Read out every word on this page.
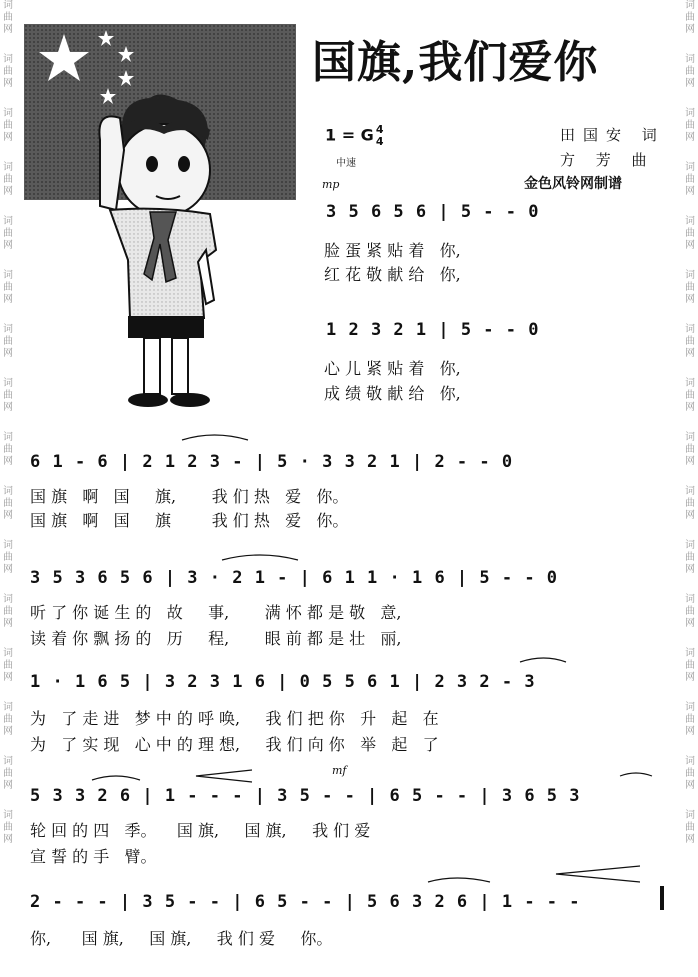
词
曲
网
词
曲
网
词
曲
网
词
曲
网
词
曲
网
词
曲
网
词
曲
网
词
曲
网
词
曲
网
词
曲
网
词
曲
网
词
曲
网
词
曲
网
词
曲
网
词
曲
网
词
曲
网
词
曲
网
词
曲
网
词
曲
网
词
曲
网
词
曲
网
词
曲
网
词
曲
网
词
曲
网
词
曲
网
词
曲
网
词
曲
网
词
曲
网
词
曲
网
词
曲
网
词
曲
网
词
曲
网
国旗,我们爱你
1 = G 4
4
中速
mp
田国安 词
方 芳 曲
金色风铃网制谱
3 5 6 5 6 | 5 - - 0
脸 蛋 紧 贴 着   你,
红 花 敬 献 给   你,
1 2 3 2 1 | 5 - - 0
心 儿 紧 贴 着   你,
成 绩 敬 献 给   你,
6 1 - 6 | 2 1 2 3 - | 5 · 3 3 2 1 | 2 - - 0
国 旗   啊   国     旗,       我 们 热   爱   你。
国 旗   啊   国     旗        我 们 热   爱   你。
3 5 3 6 5 6 | 3 · 2 1 - | 6 1 1 · 1 6 | 5 - - 0
听 了 你 诞 生 的   故     事,       满 怀 都 是 敬   意,
读 着 你 飘 扬 的   历     程,       眼 前 都 是 壮   丽,
1 · 1 6 5 | 3 2 3 1 6 | 0 5 5 6 1 | 2 3 2 - 3
为   了 走 进   梦 中 的 呼 唤,     我 们 把 你   升   起   在
为   了 实 现   心 中 的 理 想,     我 们 向 你   举   起   了
mf
5 3 3 2 6 | 1 - - - | 3 5 - - | 6 5 - - | 3 6 5 3
轮 回 的 四   季。    国 旗,     国 旗,     我 们 爱
宣 誓 的 手   臂。
2 - - - | 3 5 - - | 6 5 - - | 5 6 3 2 6 | 1 - - -
你,      国 旗,     国 旗,     我 们 爱     你。
